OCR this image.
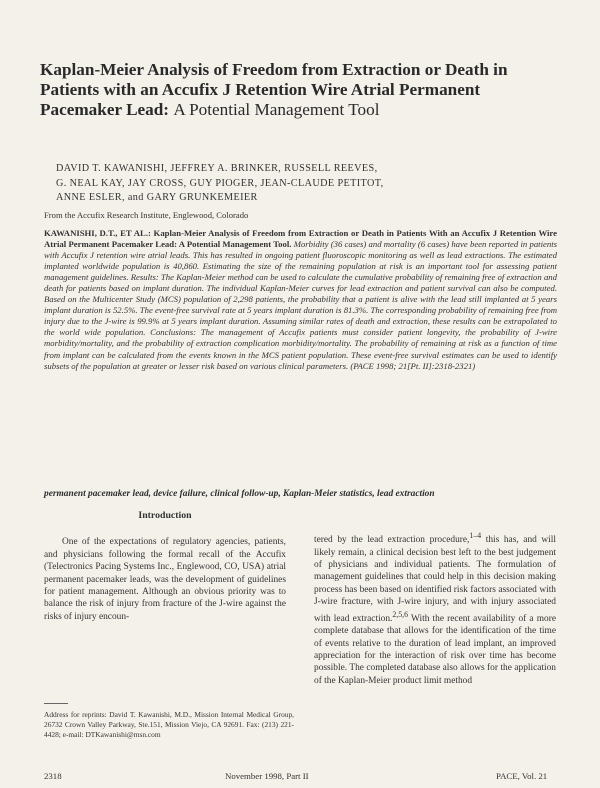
Kaplan-Meier Analysis of Freedom from Extraction or Death in Patients with an Accufix J Retention Wire Atrial Permanent Pacemaker Lead: A Potential Management Tool
DAVID T. KAWANISHI, JEFFREY A. BRINKER, RUSSELL REEVES,
G. NEAL KAY, JAY CROSS, GUY PIOGER, JEAN-CLAUDE PETITOT,
ANNE ESLER, and GARY GRUNKEMEIER
From the Accufix Research Institute, Englewood, Colorado

KAWANISHI, D.T., ET AL.: Kaplan-Meier Analysis of Freedom from Extraction or Death in Patients With an Accufix J Retention Wire Atrial Permanent Pacemaker Lead: A Potential Management Tool. Morbidity (36 cases) and mortality (6 cases) have been reported in patients with Accufix J retention wire atrial leads. This has resulted in ongoing patient fluoroscopic monitoring as well as lead extractions. The estimated implanted worldwide population is 40,860. Estimating the size of the remaining population at risk is an important tool for assessing patient management guidelines. Results: The Kaplan-Meier method can be used to calculate the cumulative probability of remaining free of extraction and death for patients based on implant duration. The individual Kaplan-Meier curves for lead extraction and patient survival can also be computed. Based on the Multicenter Study (MCS) population of 2,298 patients, the probability that a patient is alive with the lead still implanted at 5 years implant duration is 52.5%. The event-free survival rate at 5 years implant duration is 81.3%. The corresponding probability of remaining free from injury due to the J-wire is 99.9% at 5 years implant duration. Assuming similar rates of death and extraction, these results can be extrapolated to the world wide population. Conclusions: The management of Accufix patients must consider patient longevity, the probability of J-wire morbidity/mortality, and the probability of extraction complication morbidity/mortality. The probability of remaining at risk as a function of time from implant can be calculated from the events known in the MCS patient population. These event-free survival estimates can be used to identify subsets of the population at greater or lesser risk based on various clinical parameters. (PACE 1998; 21[Pt. II]:2318-2321)

permanent pacemaker lead, device failure, clinical follow-up, Kaplan-Meier statistics, lead extraction
Introduction

One of the expectations of regulatory agencies, patients, and physicians following the formal recall of the Accufix (Telectronics Pacing Systems Inc., Englewood, CO, USA) atrial permanent pacemaker leads, was the development of guidelines for patient management. Although an obvious priority was to balance the risk of injury from fracture of the J-wire against the risks of injury encoun-

tered by the lead extraction procedure,$^{1-4}$ this has, and will likely remain, a clinical decision best left to the best judgement of physicians and individual patients. The formulation of management guidelines that could help in this decision making process has been based on identified risk factors associated with J-wire fracture, with J-wire injury, and with injury associated with lead extraction.$^{2,5,6}$ With the recent availability of a more complete database that allows for the identification of the time of events relative to the duration of lead implant, an improved appreciation for the interaction of risk over time has become possible. The completed database also allows for the application of the Kaplan-Meier product limit method

Address for reprints: David T. Kawanishi, M.D., Mission Internal Medical Group, 26732 Crown Valley Parkway, Ste.151, Mission Viejo, CA 92691. Fax: (213) 221-4428; e-mail: DTKawanishi@msn.com
2318	November 1998, Part II	PACE, Vol. 21
